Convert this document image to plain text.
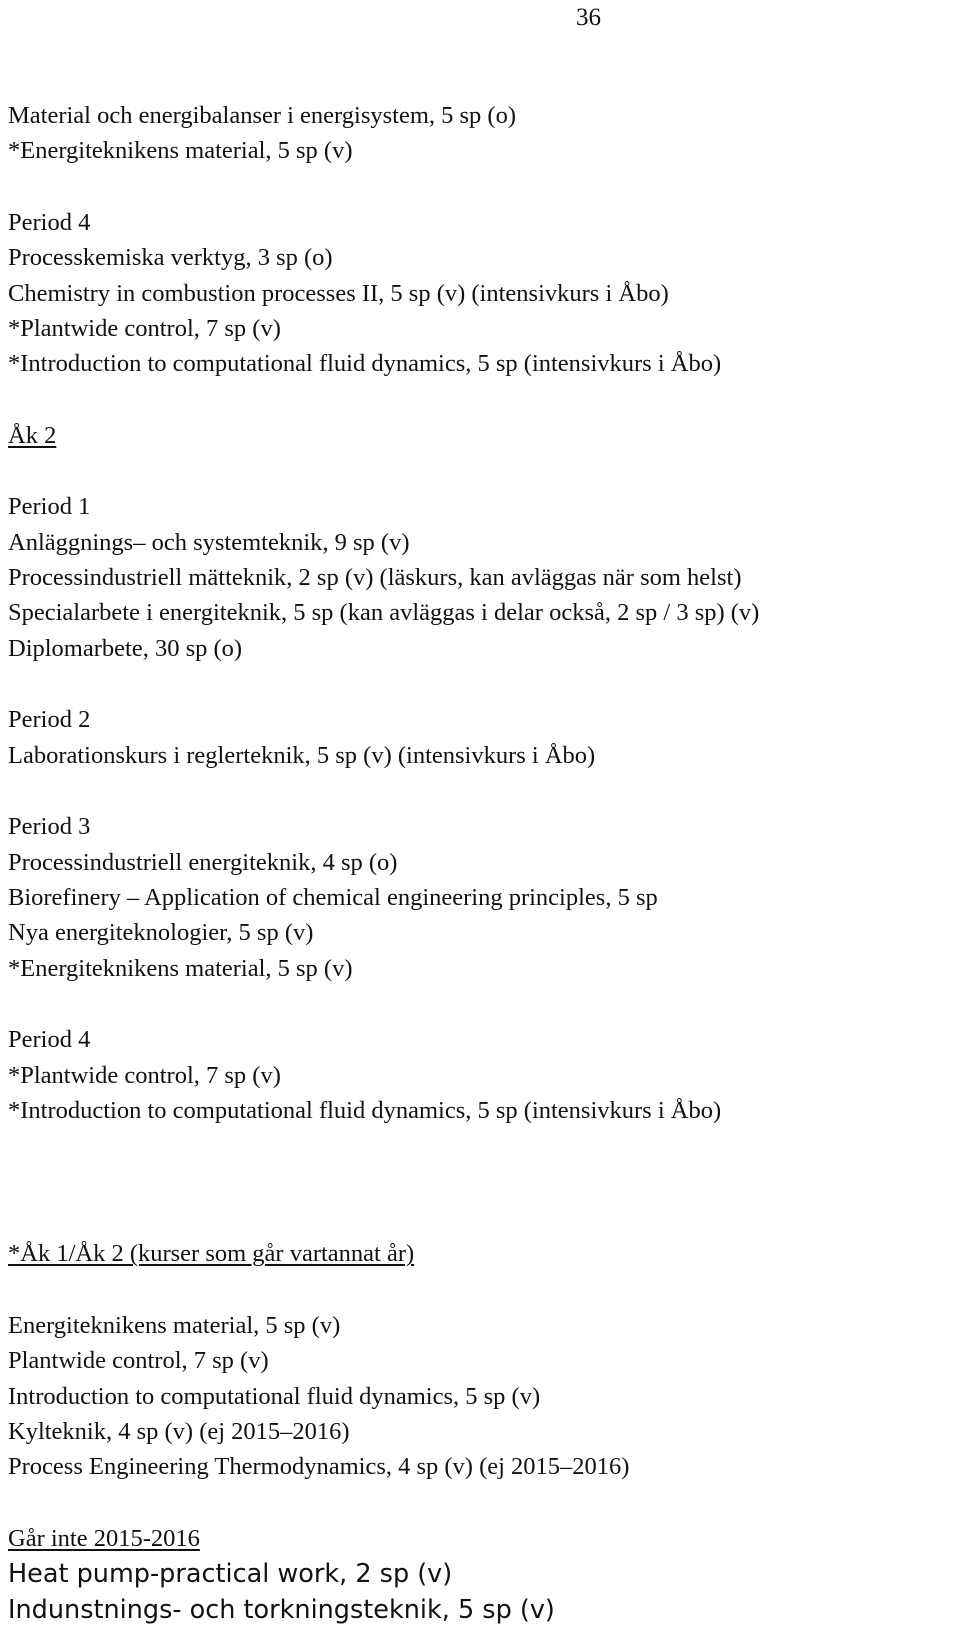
36
Material och energibalanser i energisystem, 5 sp (o)
*Energiteknikens material, 5 sp (v)
Period 4
Processkemiska verktyg, 3 sp (o)
Chemistry in combustion processes II, 5 sp (v) (intensivkurs i Åbo)
*Plantwide control, 7 sp (v)
*Introduction to computational fluid dynamics, 5 sp (intensivkurs i Åbo)
Åk 2
Period 1
Anläggnings– och systemteknik, 9 sp (v)
Processindustriell mätteknik, 2 sp (v) (läskurs, kan avläggas när som helst)
Specialarbete i energiteknik, 5 sp (kan avläggas i delar också, 2 sp / 3 sp) (v)
Diplomarbete, 30 sp (o)
Period 2
Laborationskurs i reglerteknik, 5 sp (v) (intensivkurs i Åbo)
Period 3
Processindustriell energiteknik, 4 sp (o)
Biorefinery – Application of chemical engineering principles, 5 sp
Nya energiteknologier, 5 sp (v)
*Energiteknikens material, 5 sp (v)
Period 4
*Plantwide control, 7 sp (v)
*Introduction to computational fluid dynamics, 5 sp (intensivkurs i Åbo)
*Åk 1/Åk 2 (kurser som går vartannat år)
Energiteknikens material, 5 sp (v)
Plantwide control, 7 sp (v)
Introduction to computational fluid dynamics, 5 sp (v)
Kylteknik, 4 sp (v) (ej 2015–2016)
Process Engineering Thermodynamics, 4 sp (v) (ej 2015–2016)
Går inte 2015-2016
Heat pump-practical work, 2 sp (v)
Indunstnings- och torkningsteknik, 5 sp (v)
